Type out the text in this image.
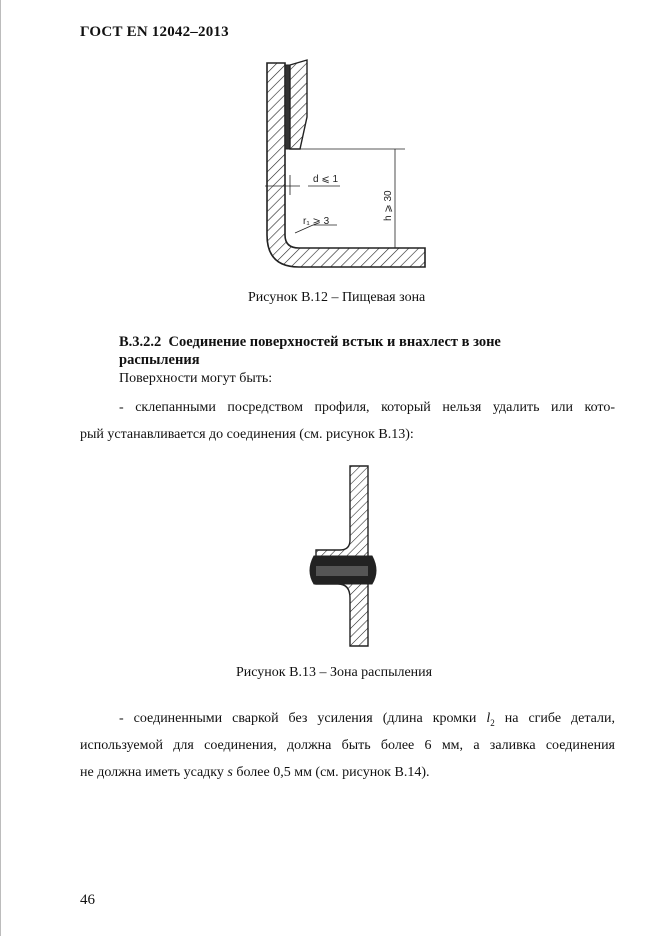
ГОСТ EN 12042–2013
d ⩽ 1
r₁ ⩾ 3
h ⩾ 30
Рисунок В.12 – Пищевая зона
В.3.2.2 Соединение поверхностей встык и внахлест в зоне распыления
Поверхности могут быть:
- склепанными посредством профиля, который нельзя удалить или кото-
рый устанавливается до соединения (см. рисунок В.13):
Рисунок В.13 – Зона распыления
- соединенными сваркой без усиления (длина кромки $l_2$ на сгибе детали,
используемой для соединения, должна быть более 6 мм, а заливка соединения
не должна иметь усадку s более 0,5 мм (см. рисунок В.14).
46
